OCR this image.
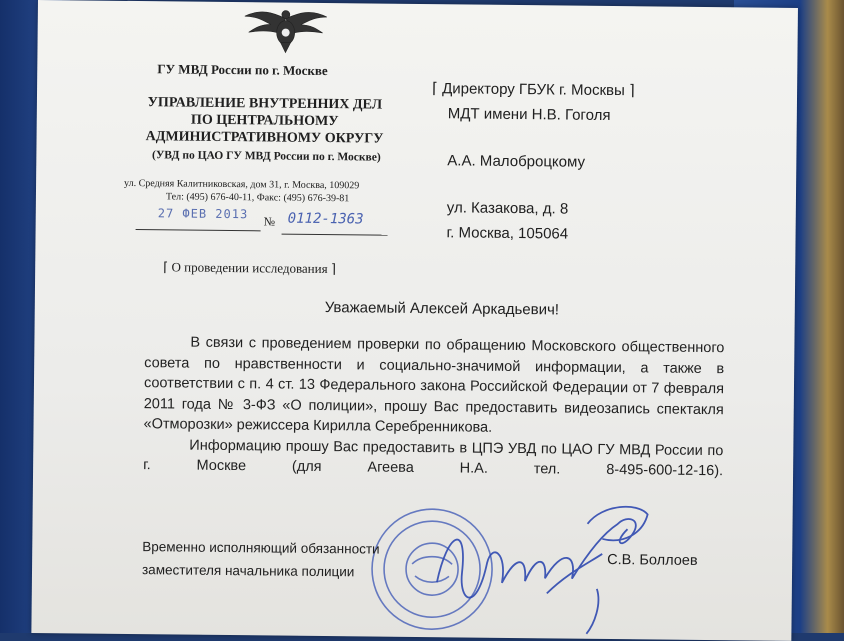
ГУ МВД России по г. Москве
УПРАВЛЕНИЕ ВНУТРЕННИХ ДЕЛ
ПО ЦЕНТРАЛЬНОМУ
АДМИНИСТРАТИВНОМУ ОКРУГУ
(УВД по ЦАО ГУ МВД России по г. Москве)
ул. Средняя Калитниковская, дом 31, г. Москва, 109029
Тел: (495) 676-40-11, Факс: (495) 676-39-81
27 ФЕВ 2013
№ 0112-1363
⌈ О проведении исследования ⌉
⌈ Директору ГБУК г. Москвы ⌉
МДТ имени Н.В. Гоголя
А.А. Малоброцкому
ул. Казакова, д. 8
г. Москва, 105064
Уважаемый Алексей Аркадьевич!

В связи с проведением проверки по обращению Московского общественного совета по нравственности и социально-значимой информации, а также в соответствии с п. 4 ст. 13 Федерального закона Российской Федерации от 7 февраля 2011 года № 3-ФЗ «О полиции», прошу Вас предоставить видеозапись спектакля «Отморозки» режиссера Кирилла Серебренникова.

Информацию прошу Вас предоставить в ЦПЭ УВД по ЦАО ГУ МВД России по г. Москве (для Агеева Н.А. тел. 8-495-600-12-16).

Временно исполняющий обязанности
заместителя начальника полиции
С.В. Боллоев
